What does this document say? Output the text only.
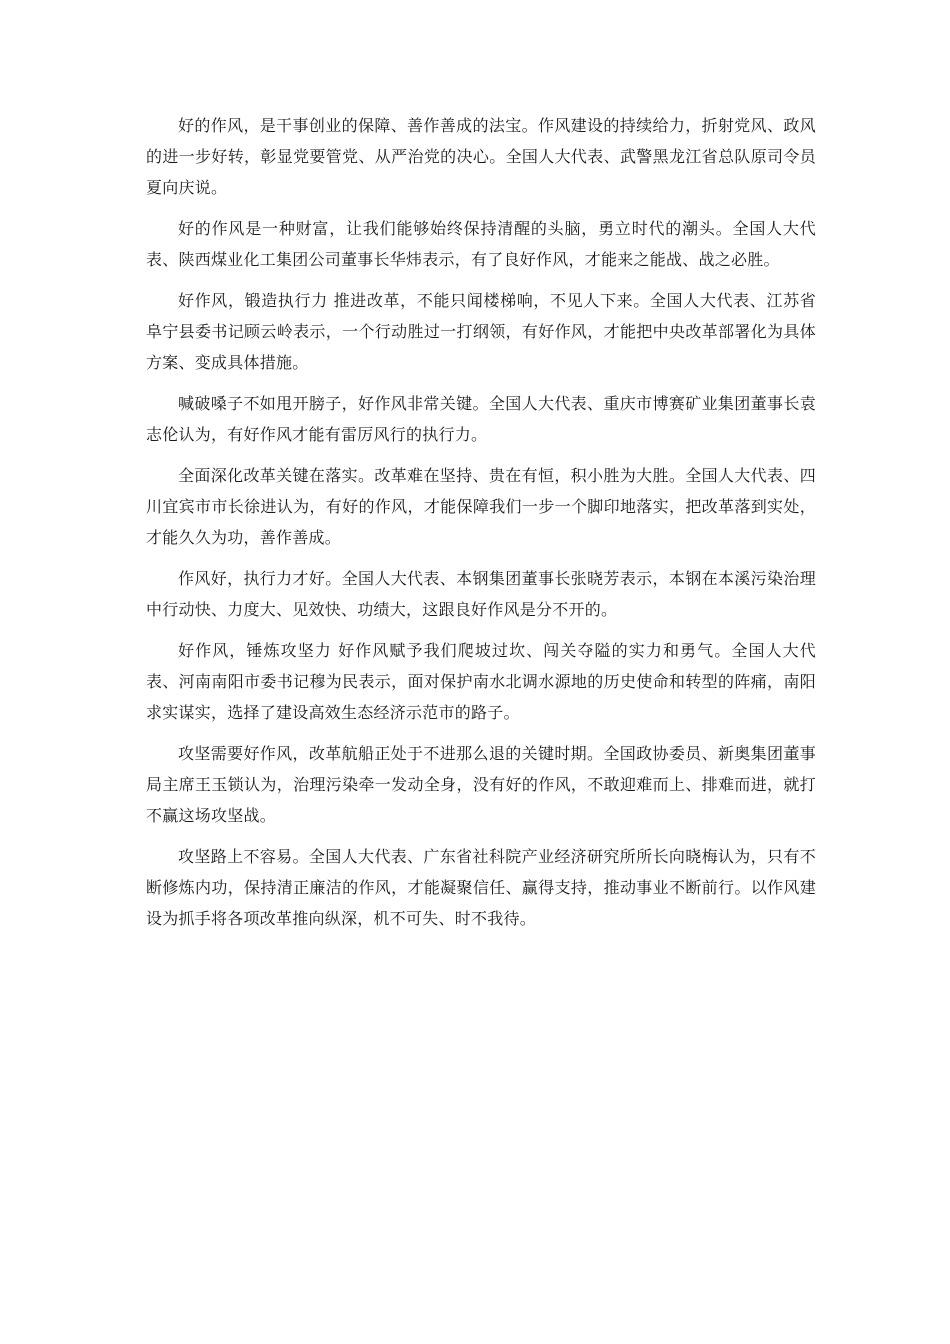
好的作风，是干事创业的保障、善作善成的法宝。作风建设的持续给力，折射党风、政风的进一步好转，彰显党要管党、从严治党的决心。全国人大代表、武警黑龙江省总队原司令员夏向庆说。

好的作风是一种财富，让我们能够始终保持清醒的头脑，勇立时代的潮头。全国人大代表、陕西煤业化工集团公司董事长华炜表示，有了良好作风，才能来之能战、战之必胜。

好作风，锻造执行力 推进改革，不能只闻楼梯响，不见人下来。全国人大代表、江苏省阜宁县委书记顾云岭表示，一个行动胜过一打纲领，有好作风，才能把中央改革部署化为具体方案、变成具体措施。

喊破嗓子不如甩开膀子，好作风非常关键。全国人大代表、重庆市博赛矿业集团董事长袁志伦认为，有好作风才能有雷厉风行的执行力。

全面深化改革关键在落实。改革难在坚持、贵在有恒，积小胜为大胜。全国人大代表、四川宜宾市市长徐进认为，有好的作风，才能保障我们一步一个脚印地落实，把改革落到实处，才能久久为功，善作善成。

作风好，执行力才好。全国人大代表、本钢集团董事长张晓芳表示，本钢在本溪污染治理中行动快、力度大、见效快、功绩大，这跟良好作风是分不开的。

好作风，锤炼攻坚力 好作风赋予我们爬坡过坎、闯关夺隘的实力和勇气。全国人大代表、河南南阳市委书记穆为民表示，面对保护南水北调水源地的历史使命和转型的阵痛，南阳求实谋实，选择了建设高效生态经济示范市的路子。

攻坚需要好作风，改革航船正处于不进那么退的关键时期。全国政协委员、新奥集团董事局主席王玉锁认为，治理污染牵一发动全身，没有好的作风，不敢迎难而上、排难而进，就打不赢这场攻坚战。

攻坚路上不容易。全国人大代表、广东省社科院产业经济研究所所长向晓梅认为，只有不断修炼内功，保持清正廉洁的作风，才能凝聚信任、赢得支持，推动事业不断前行。以作风建设为抓手将各项改革推向纵深，机不可失、时不我待。
